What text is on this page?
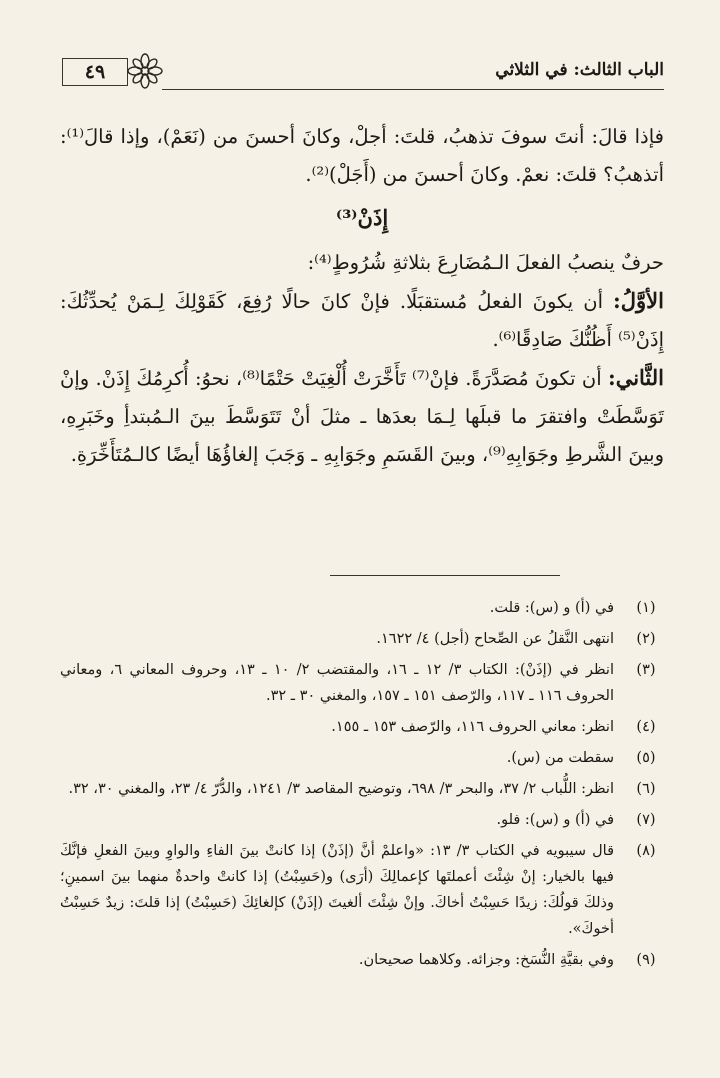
٤٩	الباب الثالث: في الثلاثي

فإذا قالَ: أنتَ سوفَ تذهبُ، قلتَ: أجلْ، وكانَ أحسنَ من (نَعَمْ)، وإذا قالَ⁽¹⁾: أتذهبُ؟ قلتَ: نعمْ. وكانَ أحسنَ من (أَجَلْ)⁽²⁾.

إِذَنْ⁽³⁾

حرفٌ ينصبُ الفعلَ الـمُضَارِعَ بثلاثةِ شُرُوطٍ⁽⁴⁾:

الأوَّلُ: أن يكونَ الفعلُ مُستقبَلًا. فإنْ كانَ حالًا رُفِعَ، كَقَوْلِكَ لِـمَنْ يُحدِّثُكَ: إِذَنْ⁽⁵⁾ أَظُنُّكَ صَادِقًا⁽⁶⁾.

الثَّاني: أن تكونَ مُصَدَّرَةً. فإنْ⁽⁷⁾ تَأَخَّرَتْ أُلْغِيَتْ حَتْمًا⁽⁸⁾، نحوُ: أُكرِمُكَ إِذَنْ. وإنْ تَوَسَّطَتْ وافتقرَ ما قبلَها لِـمَا بعدَها ـ مثلَ أنْ تَتَوَسَّطَ بينَ الـمُبتدأِ وخَبَرِهِ، وبينَ الشَّرطِ وجَوَابِهِ⁽⁹⁾، وبينَ القَسَمِ وجَوَابِهِ ـ وَجَبَ إلغاؤُهَا أيضًا كالـمُتَأَخِّرَةِ.

(١)
في (أ) و (س): قلت.
(٢)
انتهى النَّقلُ عن الصِّحاح (أجل) ٤/ ١٦٢٢.
(٣)
انظر في (إذَنْ): الكتاب ٣/ ١٢ ـ ١٦، والمقتضب ٢/ ١٠ ـ ١٣، وحروف المعاني ٦، ومعاني الحروف ١١٦ ـ ١١٧، والرّصف ١٥١ ـ ١٥٧، والمغني ٣٠ ـ ٣٢.
(٤)
انظر: معاني الحروف ١١٦، والرّصف ١٥٣ ـ ١٥٥.
(٥)
سقطت من (س).
(٦)
انظر: اللُّباب ٢/ ٣٧، والبحر ٣/ ٦٩٨، وتوضيح المقاصد ٣/ ١٢٤١، والدُّرّ ٤/ ٢٣، والمغني ٣٠، ٣٢.
(٧)
في (أ) و (س): فلو.
(٨)
قال سيبويه في الكتاب ٣/ ١٣: «واعلمْ أنَّ (إذَنْ) إذا كانتْ بينَ الفاءِ والواوِ وبينَ الفعلِ فإنَّكَ فيها بالخيار: إنْ شِئْتَ أعملتَها كإعمالِكَ (أرَى) و(حَسِبْتُ) إذا كانتْ واحدةٌ منهما بينَ اسمينِ؛ وذلكَ قولُكَ: زيدًا حَسِبْتُ أخاكَ. وإنْ شِئْتَ ألغيتَ (إذَنْ) كإلغائِكَ (حَسِبْتُ) إذا قلتَ: زيدٌ حَسِبْتُ أخوكَ».
(٩)
وفي بقيَّةِ النُّسَخ: وجزائه. وكلاهما صحيحان.
